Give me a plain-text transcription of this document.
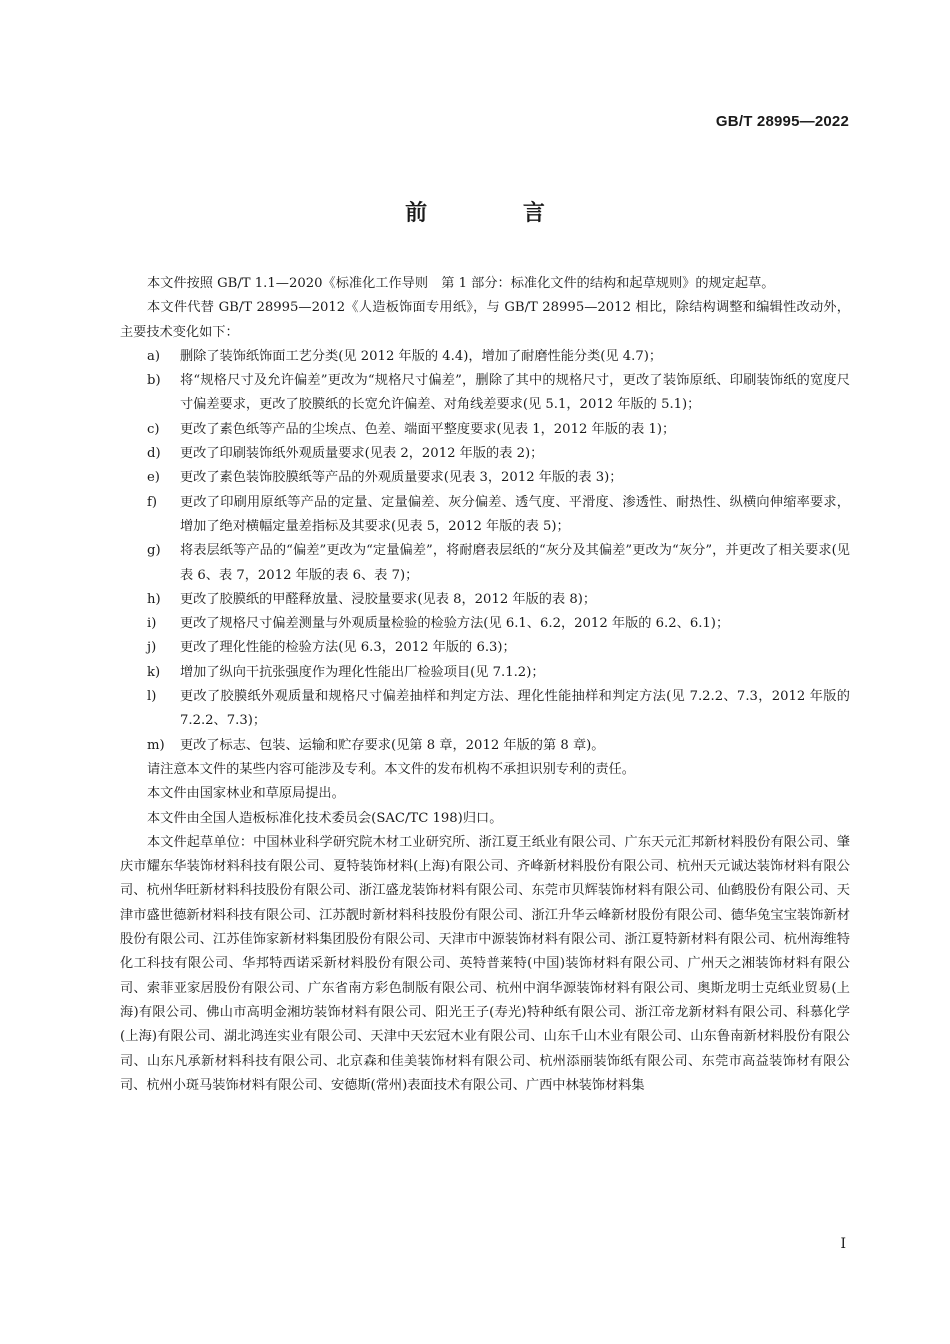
GB/T 28995—2022
前 言

本文件按照 GB/T 1.1—2020《标准化工作导则　第 1 部分：标准化文件的结构和起草规则》的规定起草。

本文件代替 GB/T 28995—2012《人造板饰面专用纸》，与 GB/T 28995—2012 相比，除结构调整和编辑性改动外，主要技术变化如下：

a)	删除了装饰纸饰面工艺分类(见 2012 年版的 4.4)，增加了耐磨性能分类(见 4.7)；
b)	将“规格尺寸及允许偏差”更改为“规格尺寸偏差”，删除了其中的规格尺寸，更改了装饰原纸、印刷装饰纸的宽度尺寸偏差要求，更改了胶膜纸的长宽允许偏差、对角线差要求(见 5.1，2012 年版的 5.1)；
c)	更改了素色纸等产品的尘埃点、色差、端面平整度要求(见表 1，2012 年版的表 1)；
d)	更改了印刷装饰纸外观质量要求(见表 2，2012 年版的表 2)；
e)	更改了素色装饰胶膜纸等产品的外观质量要求(见表 3，2012 年版的表 3)；
f)	更改了印刷用原纸等产品的定量、定量偏差、灰分偏差、透气度、平滑度、渗透性、耐热性、纵横向伸缩率要求，增加了绝对横幅定量差指标及其要求(见表 5，2012 年版的表 5)；
g)	将表层纸等产品的“偏差”更改为“定量偏差”，将耐磨表层纸的“灰分及其偏差”更改为“灰分”，并更改了相关要求(见表 6、表 7，2012 年版的表 6、表 7)；
h)	更改了胶膜纸的甲醛释放量、浸胶量要求(见表 8，2012 年版的表 8)；
i)	更改了规格尺寸偏差测量与外观质量检验的检验方法(见 6.1、6.2，2012 年版的 6.2、6.1)；
j)	更改了理化性能的检验方法(见 6.3，2012 年版的 6.3)；
k)	增加了纵向干抗张强度作为理化性能出厂检验项目(见 7.1.2)；
l)	更改了胶膜纸外观质量和规格尺寸偏差抽样和判定方法、理化性能抽样和判定方法(见 7.2.2、7.3，2012 年版的 7.2.2、7.3)；
m)	更改了标志、包装、运输和贮存要求(见第 8 章，2012 年版的第 8 章)。

请注意本文件的某些内容可能涉及专利。本文件的发布机构不承担识别专利的责任。

本文件由国家林业和草原局提出。

本文件由全国人造板标准化技术委员会(SAC/TC 198)归口。

本文件起草单位：中国林业科学研究院木材工业研究所、浙江夏王纸业有限公司、广东天元汇邦新材料股份有限公司、肇庆市耀东华装饰材料科技有限公司、夏特装饰材料(上海)有限公司、齐峰新材料股份有限公司、杭州天元诚达装饰材料有限公司、杭州华旺新材料科技股份有限公司、浙江盛龙装饰材料有限公司、东莞市贝辉装饰材料有限公司、仙鹤股份有限公司、天津市盛世德新材料科技有限公司、江苏靓时新材料科技股份有限公司、浙江升华云峰新材股份有限公司、德华兔宝宝装饰新材股份有限公司、江苏佳饰家新材料集团股份有限公司、天津市中源装饰材料有限公司、浙江夏特新材料有限公司、杭州海维特化工科技有限公司、华邦特西诺采新材料股份有限公司、英特普莱特(中国)装饰材料有限公司、广州天之湘装饰材料有限公司、索菲亚家居股份有限公司、广东省南方彩色制版有限公司、杭州中润华源装饰材料有限公司、奥斯龙明士克纸业贸易(上海)有限公司、佛山市高明金湘坊装饰材料有限公司、阳光王子(寿光)特种纸有限公司、浙江帝龙新材料有限公司、科慕化学(上海)有限公司、湖北鸿连实业有限公司、天津中天宏冠木业有限公司、山东千山木业有限公司、山东鲁南新材料股份有限公司、山东凡承新材料科技有限公司、北京森和佳美装饰材料有限公司、杭州添丽装饰纸有限公司、东莞市高益装饰材有限公司、杭州小斑马装饰材料有限公司、安德斯(常州)表面技术有限公司、广西中林装饰材料集

I
